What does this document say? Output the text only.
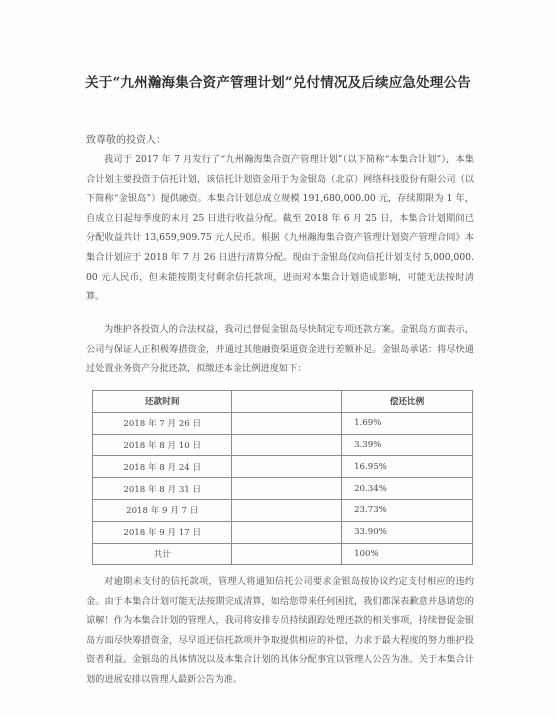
关于“九州瀚海集合资产管理计划”兑付情况及后续应急处理公告
致尊敬的投资人：

我司于 2017 年 7 月发行了“九州瀚海集合资产管理计划”（以下简称“本集合计划”），本集合计划主要投资于信托计划，该信托计划资金用于为金银岛（北京）网络科技股份有限公司（以下简称“金银岛”）提供融资。本集合计划总成立规模 191,680,000.00 元，存续期限为 1 年，自成立日起每季度的末月 25 日进行收益分配。截至 2018 年 6 月 25 日，本集合计划期间已分配收益共计 13,659,909.75 元人民币。根据《九州瀚海集合资产管理计划资产管理合同》本集合计划应于 2018 年 7 月 26 日进行清算分配。现由于金银岛仅向信托计划支付 5,000,000.00 元人民币，但未能按期支付剩余信托款项，进而对本集合计划造成影响，可能无法按时清算。

为维护各投资人的合法权益，我司已督促金银岛尽快制定专项还款方案。金银岛方面表示，公司与保证人正积极筹措资金，并通过其他融资渠道资金进行差额补足。金银岛承诺：将尽快通过处置业务资产分批还款，拟缴还本金比例进度如下：

还款时间		偿还比例
2018 年 7 月 26 日		1.69%
2018 年 8 月 10 日		3.39%
2018 年 8 月 24 日		16.95%
2018 年 8 月 31 日		20.34%
2018 年 9 月 7 日		23.73%
2018 年 9 月 17 日		33.90%
共计		100%

对逾期未支付的信托款项，管理人将通知信托公司要求金银岛按协议约定支付相应的违约金。由于本集合计划可能无法按期完成清算，如给您带来任何困扰，我们都深表歉意并恳请您的谅解！作为本集合计划的管理人，我司将安排专员持续跟踪处理还款的相关事项，持续督促金银岛方面尽快筹措资金，尽早返还信托款项并争取提供相应的补偿，力求于最大程度的努力维护投资者利益。金银岛的具体情况以及本集合计划的具体分配事宜以管理人公告为准。关于本集合计划的进展安排以管理人最新公告为准。
